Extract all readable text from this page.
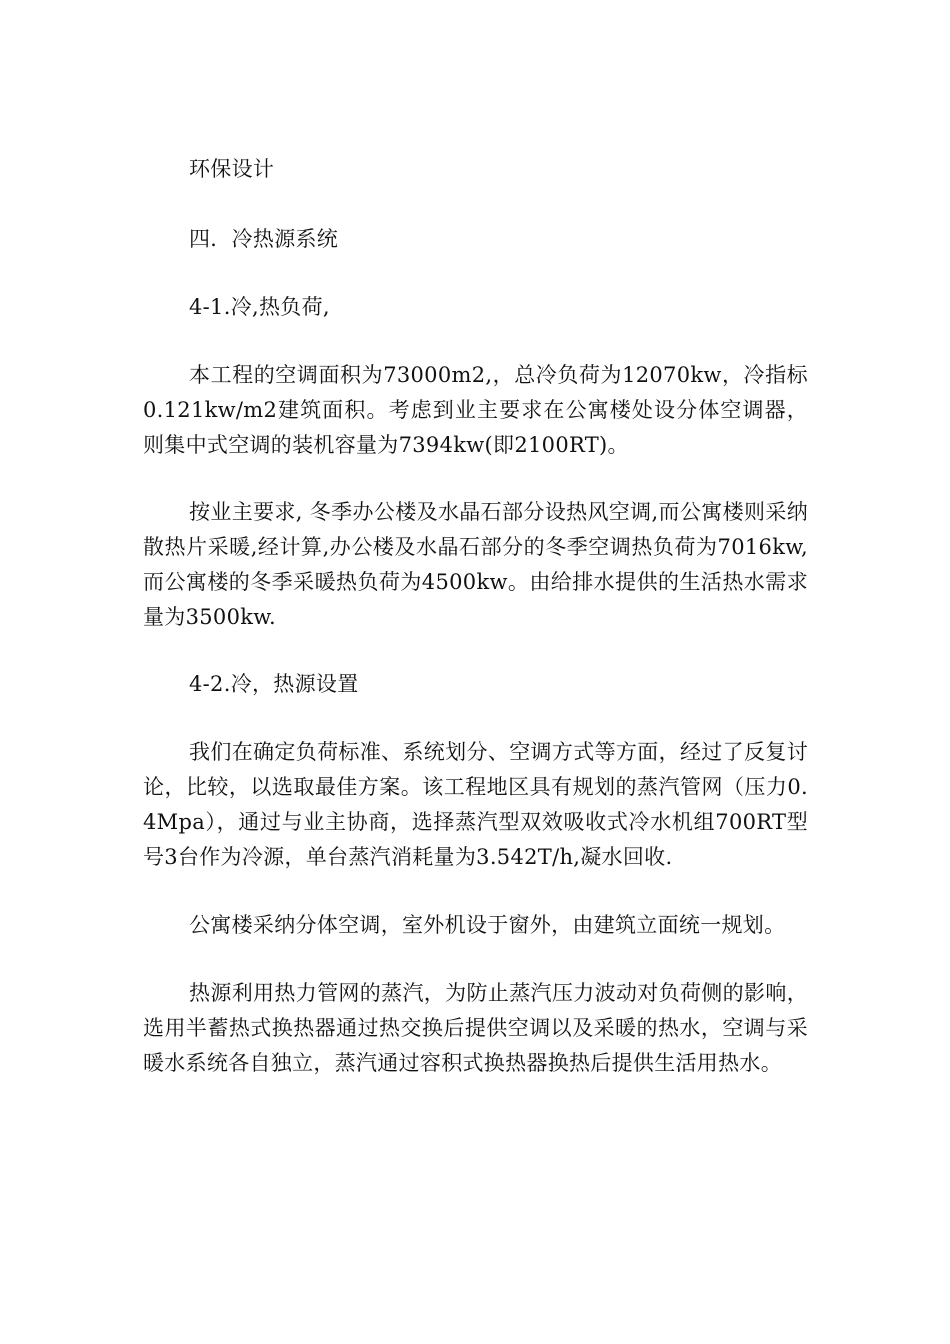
环保设计

四．冷热源系统

4-1.冷,热负荷,

本工程的空调面积为73000m2,，总冷负荷为12070kw，冷指标0.121kw/m2建筑面积。考虑到业主要求在公寓楼处设分体空调器，则集中式空调的装机容量为7394kw(即2100RT)。

按业主要求, 冬季办公楼及水晶石部分设热风空调,而公寓楼则采纳散热片采暖,经计算,办公楼及水晶石部分的冬季空调热负荷为7016kw,而公寓楼的冬季采暖热负荷为4500kw。由给排水提供的生活热水需求量为3500kw.

4-2.冷，热源设置

我们在确定负荷标准、系统划分、空调方式等方面，经过了反复讨论，比较，以选取最佳方案。该工程地区具有规划的蒸汽管网（压力0.4Mpa），通过与业主协商，选择蒸汽型双效吸收式冷水机组700RT型号3台作为冷源，单台蒸汽消耗量为3.542T/h,凝水回收.

公寓楼采纳分体空调，室外机设于窗外，由建筑立面统一规划。

热源利用热力管网的蒸汽，为防止蒸汽压力波动对负荷侧的影响，选用半蓄热式换热器通过热交换后提供空调以及采暖的热水，空调与采暖水系统各自独立，蒸汽通过容积式换热器换热后提供生活用热水。
